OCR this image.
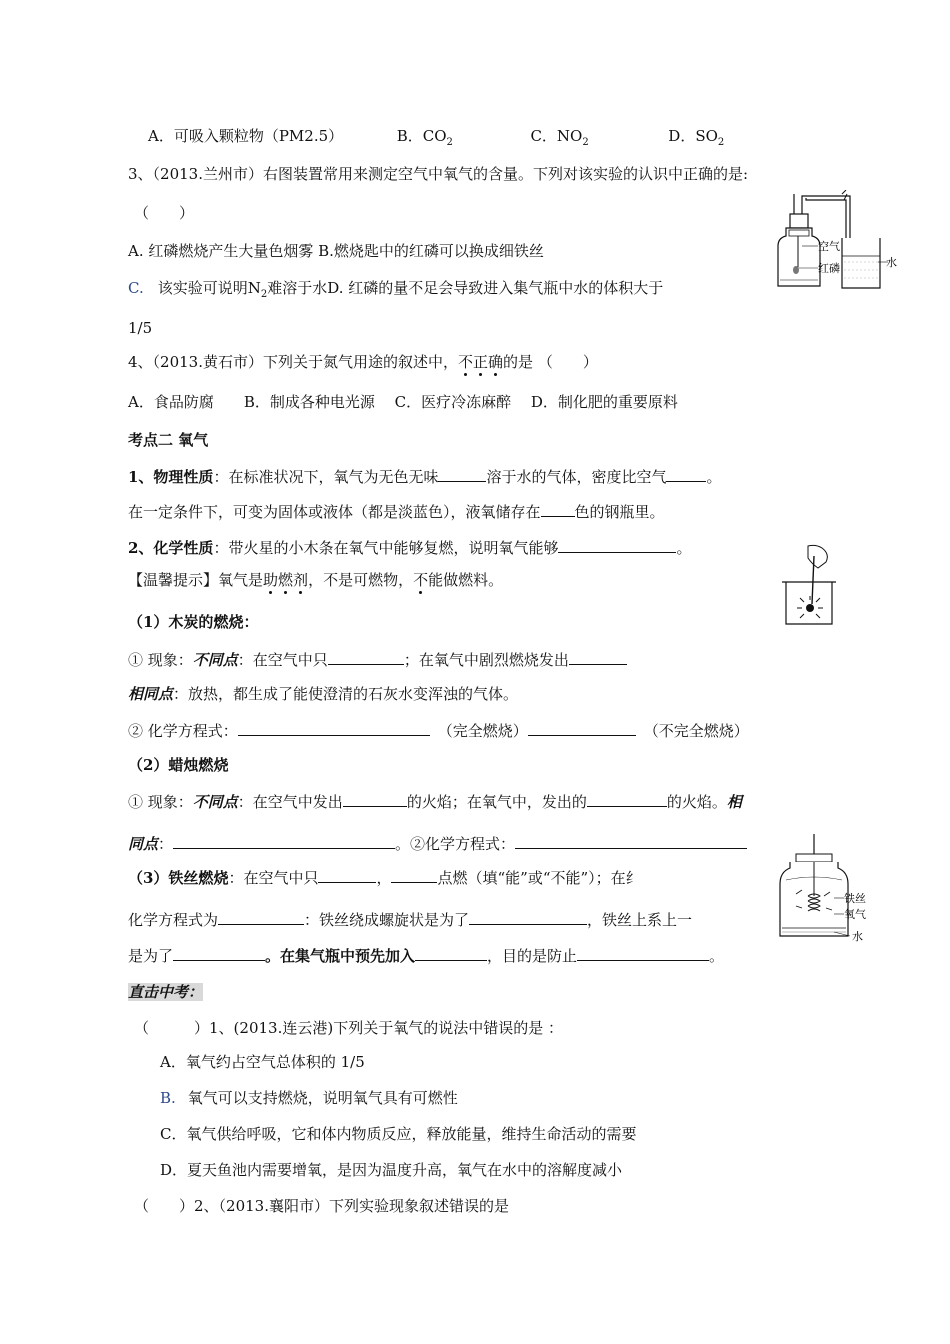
A．可吸入颗粒物（PM2.5）	B．$CO_2$	C．$NO_2$	D．$SO_2$
3、（2013.兰州市）右图装置常用来测定空气中氧气的含量。下列对该实验的认识中正确的是:
（　　）
A. 红磷燃烧产生大量色烟雾 B.燃烧匙中的红磷可以换成细铁丝
C. 该实验可说明$N_2$难溶于水D. 红磷的量不足会导致进入集气瓶中水的体积大于
1/5
空气
红磷	水
4、（2013.黄石市）下列关于氮气用途的叙述中，不正确的是 （　　）
A．食品防腐　　B．制成各种电光源　 C．医疗冷冻麻醉　 D．制化肥的重要原料
考点二 氧气
1、物理性质：在标准状况下，氧气为无色无味	溶于水的气体，密度比空气	。
在一定条件下，可变为固体或液体（都是淡蓝色），液氧储存在 色的钢瓶里。
2、化学性质：带火星的小木条在氧气中能够复燃，说明氧气能够	。
【温馨提示】氧气是助燃剂，不是可燃物，不能做燃料。
（1）木炭的燃烧：
① 现象：不同点：在空气中只	；在氧气中剧烈燃烧发出
相同点：放热，都生成了能使澄清的石灰水变浑浊的气体。
② 化学方程式：	（完全燃烧）	（不完全燃烧）
（2）蜡烛燃烧
① 现象：不同点：在空气中发出	的火焰；在氧气中，发出的	的火焰。相
同点：	。②化学方程式：
（3）铁丝燃烧：在空气中只	，	点燃（填“能”或“不能”）；在纟
化学方程式为	：铁丝绕成螺旋状是为了	，铁丝上系上一
是为了	。在集气瓶中预先加入	，目的是防止	。
铁丝
氧气
水
直击中考：
（　　　）1、(2013.连云港)下列关于氧气的说法中错误的是 ：
A．氧气约占空气总体积的 1/5
B. 氧气可以支持燃烧，说明氧气具有可燃性
C．氧气供给呼吸，它和体内物质反应，释放能量，维持生命活动的需要
D．夏天鱼池内需要增氧，是因为温度升高，氧气在水中的溶解度减小
（　　）2、（2013.襄阳市）下列实验现象叙述错误的是
